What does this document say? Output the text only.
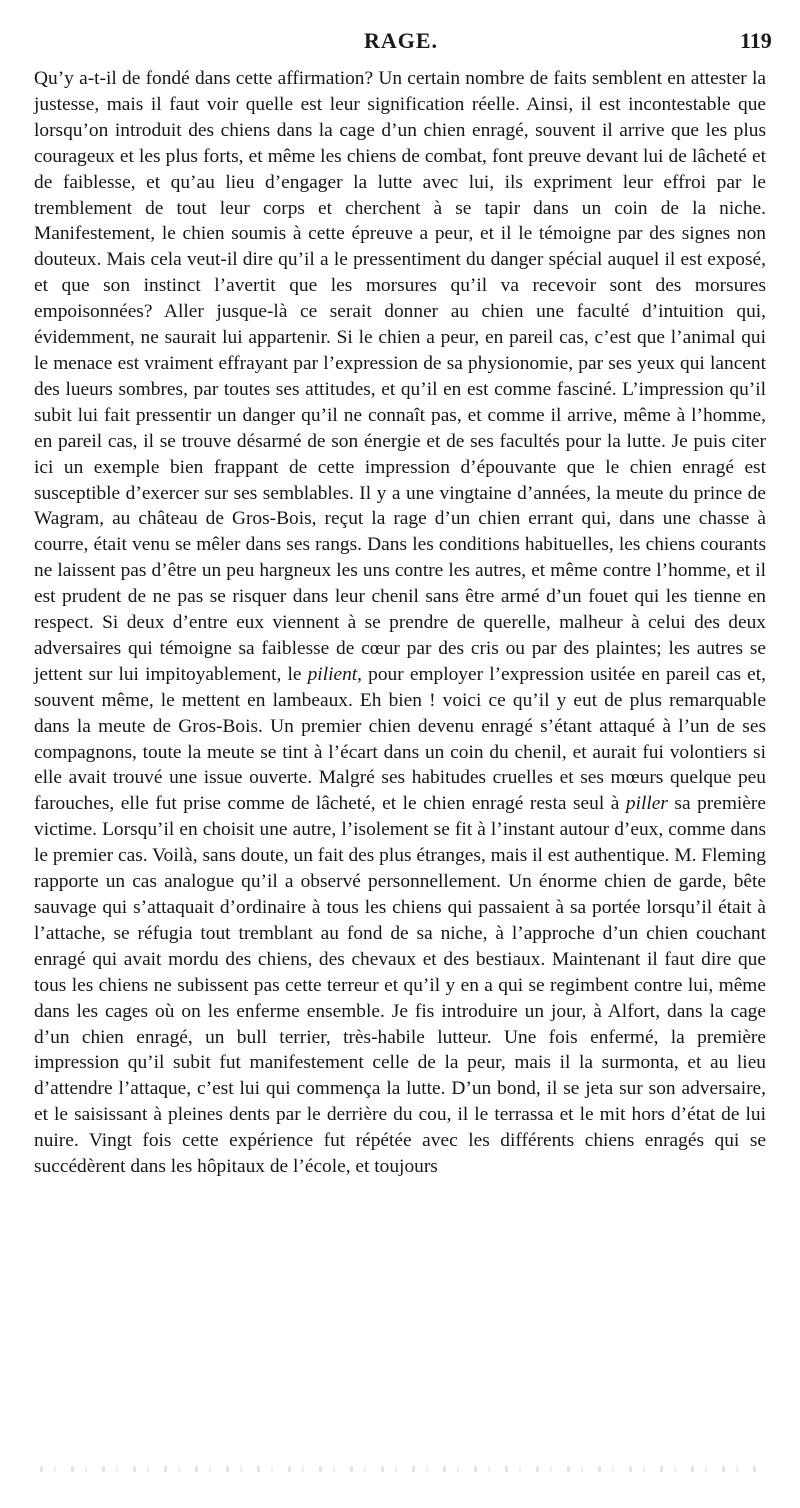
RAGE.	119

Qu’y a-t-il de fondé dans cette affirmation? Un certain nombre de faits semblent en attester la justesse, mais il faut voir quelle est leur signification réelle. Ainsi, il est incontestable que lorsqu’on introduit des chiens dans la cage d’un chien enragé, souvent il arrive que les plus courageux et les plus forts, et même les chiens de combat, font preuve devant lui de lâcheté et de faiblesse, et qu’au lieu d’engager la lutte avec lui, ils expriment leur effroi par le tremblement de tout leur corps et cherchent à se tapir dans un coin de la niche. Manifestement, le chien soumis à cette épreuve a peur, et il le témoigne par des signes non douteux. Mais cela veut-il dire qu’il a le pressentiment du danger spécial auquel il est exposé, et que son instinct l’avertit que les morsures qu’il va recevoir sont des morsures empoisonnées? Aller jusque-là ce serait donner au chien une faculté d’intuition qui, évidemment, ne saurait lui appartenir. Si le chien a peur, en pareil cas, c’est que l’animal qui le menace est vraiment effrayant par l’expression de sa physionomie, par ses yeux qui lancent des lueurs sombres, par toutes ses attitudes, et qu’il en est comme fasciné. L’impression qu’il subit lui fait pressentir un danger qu’il ne connaît pas, et comme il arrive, même à l’homme, en pareil cas, il se trouve désarmé de son énergie et de ses facultés pour la lutte. Je puis citer ici un exemple bien frappant de cette impression d’épouvante que le chien enragé est susceptible d’exercer sur ses semblables. Il y a une vingtaine d’années, la meute du prince de Wagram, au château de Gros-Bois, reçut la rage d’un chien errant qui, dans une chasse à courre, était venu se mêler dans ses rangs. Dans les conditions habituelles, les chiens courants ne laissent pas d’être un peu hargneux les uns contre les autres, et même contre l’homme, et il est prudent de ne pas se risquer dans leur chenil sans être armé d’un fouet qui les tienne en respect. Si deux d’entre eux viennent à se prendre de querelle, malheur à celui des deux adversaires qui témoigne sa faiblesse de cœur par des cris ou par des plaintes; les autres se jettent sur lui impitoyablement, le pilient, pour employer l’expression usitée en pareil cas et, souvent même, le mettent en lambeaux. Eh bien ! voici ce qu’il y eut de plus remarquable dans la meute de Gros-Bois. Un premier chien devenu enragé s’étant attaqué à l’un de ses compagnons, toute la meute se tint à l’écart dans un coin du chenil, et aurait fui volontiers si elle avait trouvé une issue ouverte. Malgré ses habitudes cruelles et ses mœurs quelque peu farouches, elle fut prise comme de lâcheté, et le chien enragé resta seul à piller sa première victime. Lorsqu’il en choisit une autre, l’isolement se fit à l’instant autour d’eux, comme dans le premier cas. Voilà, sans doute, un fait des plus étranges, mais il est authentique. M. Fleming rapporte un cas analogue qu’il a observé personnellement. Un énorme chien de garde, bête sauvage qui s’attaquait d’ordinaire à tous les chiens qui passaient à sa portée lorsqu’il était à l’attache, se réfugia tout tremblant au fond de sa niche, à l’approche d’un chien couchant enragé qui avait mordu des chiens, des chevaux et des bestiaux. Maintenant il faut dire que tous les chiens ne subissent pas cette terreur et qu’il y en a qui se regimbent contre lui, même dans les cages où on les enferme ensemble. Je fis introduire un jour, à Alfort, dans la cage d’un chien enragé, un bull terrier, très-habile lutteur. Une fois enfermé, la première impression qu’il subit fut manifestement celle de la peur, mais il la surmonta, et au lieu d’attendre l’attaque, c’est lui qui commença la lutte. D’un bond, il se jeta sur son adversaire, et le saisissant à pleines dents par le derrière du cou, il le terrassa et le mit hors d’état de lui nuire. Vingt fois cette expérience fut répétée avec les différents chiens enragés qui se succédèrent dans les hôpitaux de l’école, et toujours
